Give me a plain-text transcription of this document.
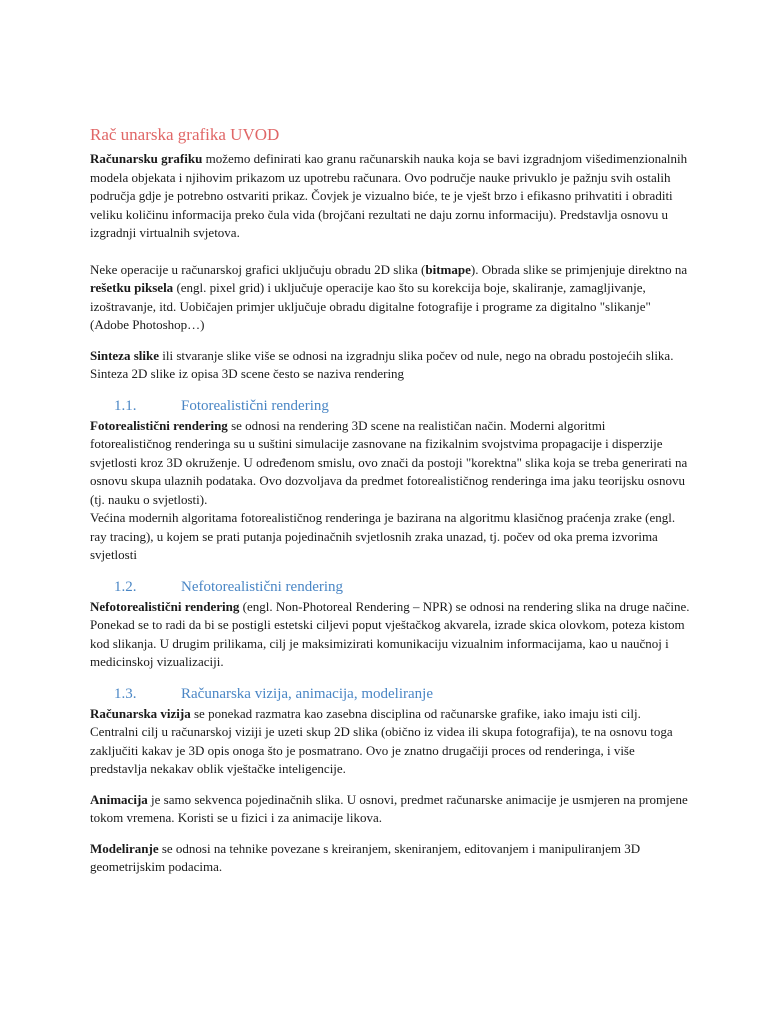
Rač unarska grafika UVOD

Računarsku grafiku možemo definirati kao granu računarskih nauka koja se bavi izgradnjom višedimenzionalnih modela objekata i njihovim prikazom uz upotrebu računara. Ovo područje nauke privuklo je pažnju svih ostalih područja gdje je potrebno ostvariti prikaz. Čovjek je vizualno biće, te je vješt brzo i efikasno prihvatiti i obraditi veliku količinu informacija preko čula vida (brojčani rezultati ne daju zornu informaciju). Predstavlja osnovu u izgradnji virtualnih svjetova.

Neke operacije u računarskoj grafici uključuju obradu 2D slika (bitmape). Obrada slike se primjenjuje direktno na rešetku piksela (engl. pixel grid) i uključuje operacije kao što su korekcija boje, skaliranje, zamagljivanje, izoštravanje, itd. Uobičajen primjer uključuje obradu digitalne fotografije i programe za digitalno "slikanje" (Adobe Photoshop…)

Sinteza slike ili stvaranje slike više se odnosi na izgradnju slika počev od nule, nego na obradu postojećih slika. Sinteza 2D slike iz opisa 3D scene često se naziva rendering

1.1.	Fotorealistični rendering

Fotorealistični rendering se odnosi na rendering 3D scene na realističan način. Moderni algoritmi fotorealističnog renderinga su u suštini simulacije zasnovane na fizikalnim svojstvima propagacije i disperzije svjetlosti kroz 3D okruženje. U određenom smislu, ovo znači da postoji "korektna" slika koja se treba generirati na osnovu skupa ulaznih podataka. Ovo dozvoljava da predmet fotorealističnog renderinga ima jaku teorijsku osnovu (tj. nauku o svjetlosti).

Većina modernih algoritama fotorealističnog renderinga je bazirana na algoritmu klasičnog praćenja zrake (engl. ray tracing), u kojem se prati putanja pojedinačnih svjetlosnih zraka unazad, tj. počev od oka prema izvorima svjetlosti

1.2.	Nefotorealistični rendering

Nefotorealistični rendering (engl. Non-Photoreal Rendering – NPR) se odnosi na rendering slika na druge načine. Ponekad se to radi da bi se postigli estetski ciljevi poput vještačkog akvarela, izrade skica olovkom, poteza kistom kod slikanja. U drugim prilikama, cilj je maksimizirati komunikaciju vizualnim informacijama, kao u naučnoj i medicinskoj vizualizaciji.

1.3.	Računarska vizija, animacija, modeliranje

Računarska vizija se ponekad razmatra kao zasebna disciplina od računarske grafike, iako imaju isti cilj. Centralni cilj u računarskoj viziji je uzeti skup 2D slika (obično iz videa ili skupa fotografija), te na osnovu toga zaključiti kakav je 3D opis onoga što je posmatrano. Ovo je znatno drugačiji proces od renderinga, i više predstavlja nekakav oblik vještačke inteligencije.

Animacija je samo sekvenca pojedinačnih slika. U osnovi, predmet računarske animacije je usmjeren na promjene tokom vremena. Koristi se u fizici i za animacije likova.

Modeliranje se odnosi na tehnike povezane s kreiranjem, skeniranjem, editovanjem i manipuliranjem 3D geometrijskim podacima.
